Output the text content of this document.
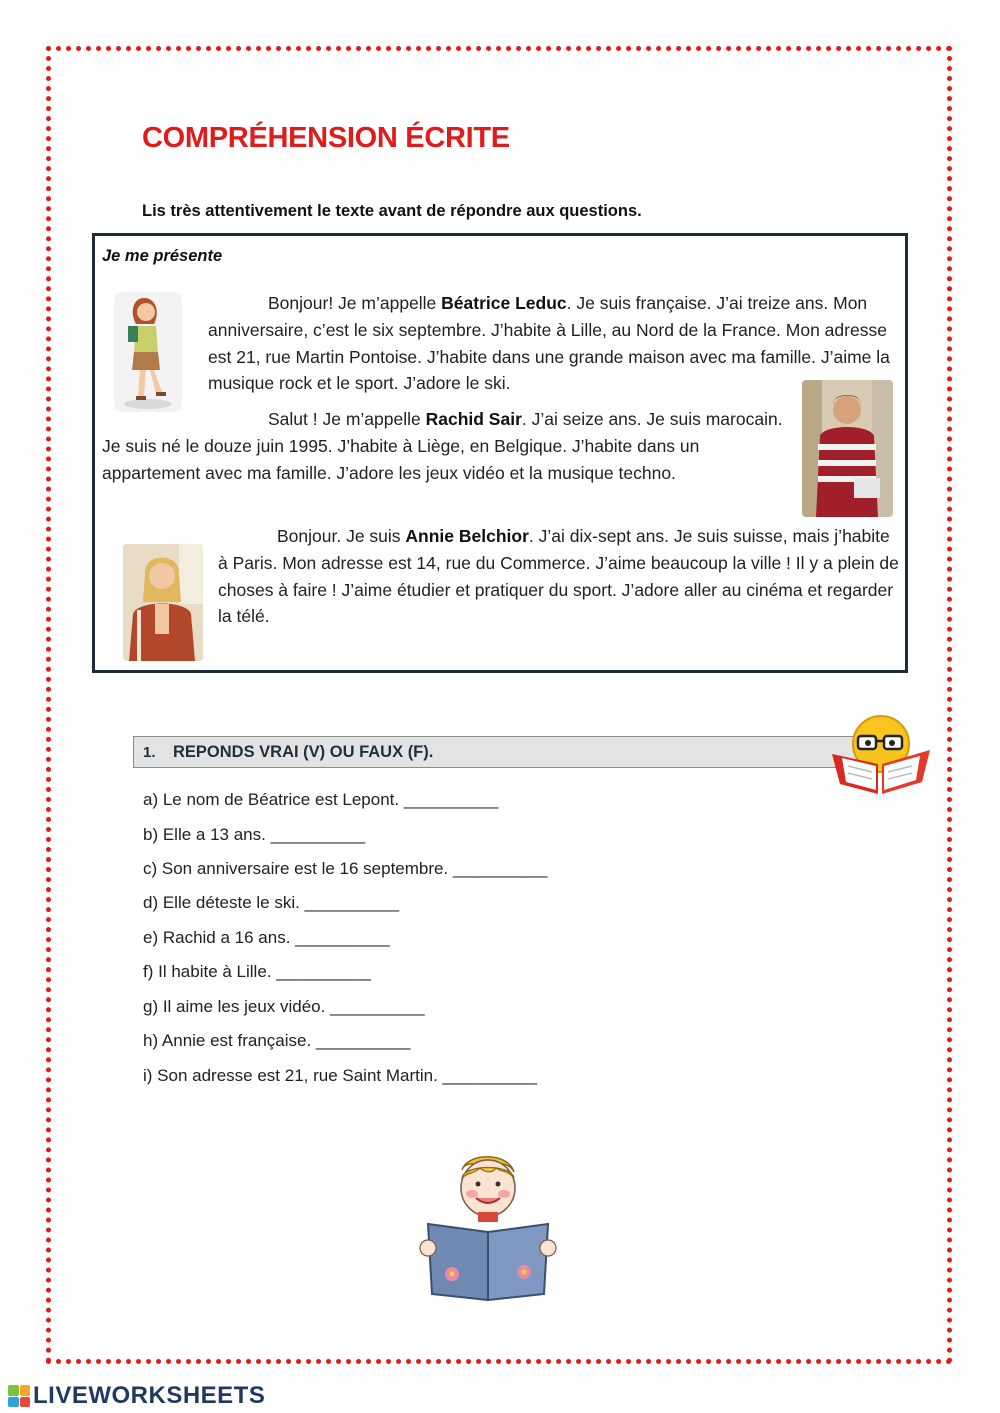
COMPRÉHENSION ÉCRITE
Lis très attentivement le texte avant de répondre aux questions.
Je me présente
Bonjour! Je m’appelle Béatrice Leduc. Je suis française. J’ai treize ans. Mon anniversaire, c’est le six septembre. J’habite à Lille, au Nord de la France. Mon adresse est 21, rue Martin Pontoise. J’habite dans une grande maison avec ma famille. J’aime la musique rock et le sport. J’adore le ski.
Salut ! Je m’appelle Rachid Sair. J’ai seize ans. Je suis marocain. Je suis né le douze juin 1995. J’habite à Liège, en Belgique. J’habite dans un appartement avec ma famille. J’adore les jeux vidéo et la musique techno.
Bonjour. Je suis Annie Belchior. J’ai dix-sept ans. Je suis suisse, mais j’habite à Paris. Mon adresse est 14, rue du Commerce. J’aime beaucoup la ville ! Il y a plein de choses à faire ! J’aime étudier et pratiquer du sport. J’adore aller au cinéma et regarder la télé.
1. REPONDS VRAI (V) OU FAUX (F).
a) Le nom de Béatrice est Lepont. __________
b) Elle a 13 ans. __________
c) Son anniversaire est le 16 septembre. __________
d) Elle déteste le ski. __________
e) Rachid a 16 ans. __________
f) Il habite à Lille. __________
g) Il aime les jeux vidéo. __________
h) Annie est française. __________
i) Son adresse est 21, rue Saint Martin. __________
LIVEWORKSHEETS
